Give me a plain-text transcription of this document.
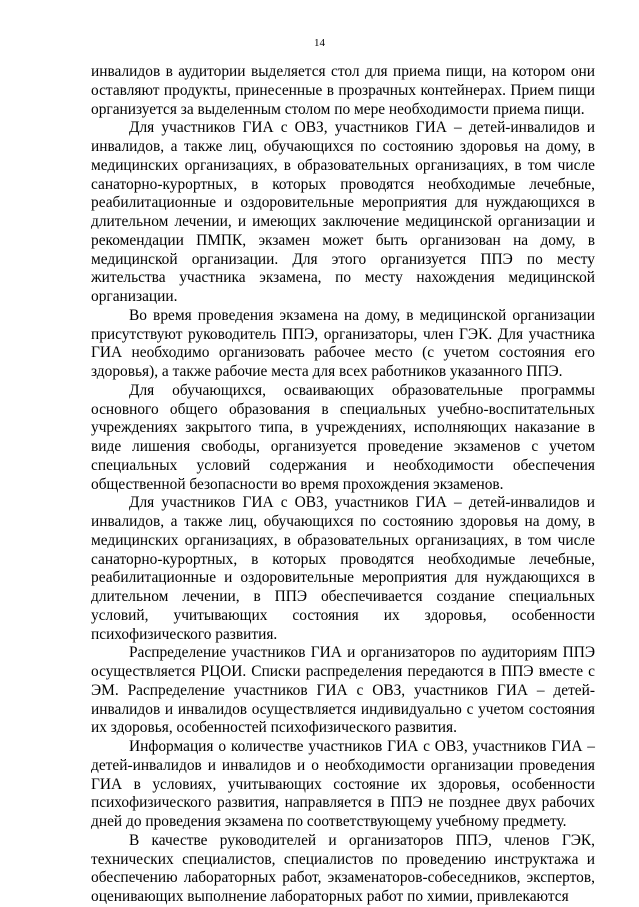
14

инвалидов в аудитории выделяется стол для приема пищи, на котором они оставляют продукты, принесенные в прозрачных контейнерах. Прием пищи организуется за выделенным столом по мере необходимости приема пищи.

Для участников ГИА с ОВЗ, участников ГИА – детей-инвалидов и инвалидов, а также лиц, обучающихся по состоянию здоровья на дому, в медицинских организациях, в образовательных организациях, в том числе санаторно-курортных, в которых проводятся необходимые лечебные, реабилитационные и оздоровительные мероприятия для нуждающихся в длительном лечении, и имеющих заключение медицинской организации и рекомендации ПМПК, экзамен может быть организован на дому, в медицинской организации. Для этого организуется ППЭ по месту жительства участника экзамена, по месту нахождения медицинской организации.

Во время проведения экзамена на дому, в медицинской организации присутствуют руководитель ППЭ, организаторы, член ГЭК. Для участника ГИА необходимо организовать рабочее место (с учетом состояния его здоровья), а также рабочие места для всех работников указанного ППЭ.

Для обучающихся, осваивающих образовательные программы основного общего образования в специальных учебно-воспитательных учреждениях закрытого типа, в учреждениях, исполняющих наказание в виде лишения свободы, организуется проведение экзаменов с учетом специальных условий содержания и необходимости обеспечения общественной безопасности во время прохождения экзаменов.

Для участников ГИА с ОВЗ, участников ГИА – детей-инвалидов и инвалидов, а также лиц, обучающихся по состоянию здоровья на дому, в медицинских организациях, в образовательных организациях, в том числе санаторно-курортных, в которых проводятся необходимые лечебные, реабилитационные и оздоровительные мероприятия для нуждающихся в длительном лечении, в ППЭ обеспечивается создание специальных условий, учитывающих состояния их здоровья, особенности психофизического развития.

Распределение участников ГИА и организаторов по аудиториям ППЭ осуществляется РЦОИ. Списки распределения передаются в ППЭ вместе с ЭМ. Распределение участников ГИА с ОВЗ, участников ГИА – детей-инвалидов и инвалидов осуществляется индивидуально с учетом состояния их здоровья, особенностей психофизического развития.

Информация о количестве участников ГИА с ОВЗ, участников ГИА – детей-инвалидов и инвалидов и о необходимости организации проведения ГИА в условиях, учитывающих состояние их здоровья, особенности психофизического развития, направляется в ППЭ не позднее двух рабочих дней до проведения экзамена по соответствующему учебному предмету.

В качестве руководителей и организаторов ППЭ, членов ГЭК, технических специалистов, специалистов по проведению инструктажа и обеспечению лабораторных работ, экзаменаторов-собеседников, экспертов, оценивающих выполнение лабораторных работ по химии, привлекаются
